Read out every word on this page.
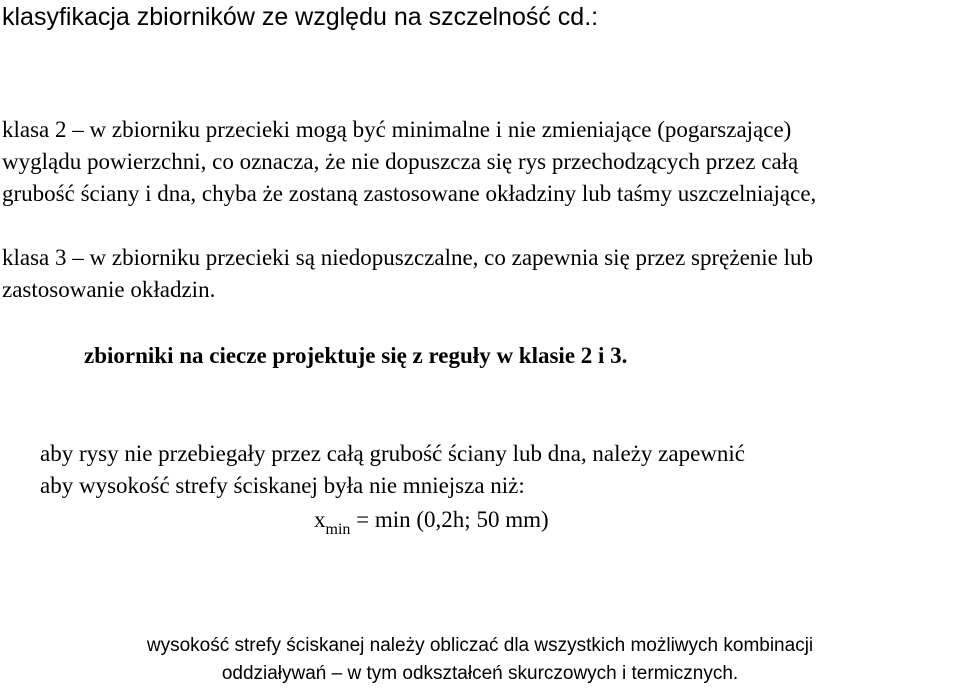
klasyfikacja zbiorników ze względu na szczelność cd.:

klasa 2 – w zbiorniku przecieki mogą być minimalne i nie zmieniające (pogarszające)
wyglądu powierzchni, co oznacza, że nie dopuszcza się rys przechodzących przez całą
grubość ściany i dna, chyba że zostaną zastosowane okładziny lub taśmy uszczelniające,

klasa 3 – w zbiorniku przecieki są niedopuszczalne, co zapewnia się przez sprężenie lub
zastosowanie okładzin.

zbiorniki na ciecze projektuje się z reguły w klasie 2 i 3.

aby rysy nie przebiegały przez całą grubość ściany lub dna, należy zapewnić
aby wysokość strefy ściskanej była nie mniejsza niż:

$x_{min} = \min (0,2h$; 50 mm)

wysokość strefy ściskanej należy obliczać dla wszystkich możliwych kombinacji
oddziaływań – w tym odkształceń skurczowych i termicznych.
